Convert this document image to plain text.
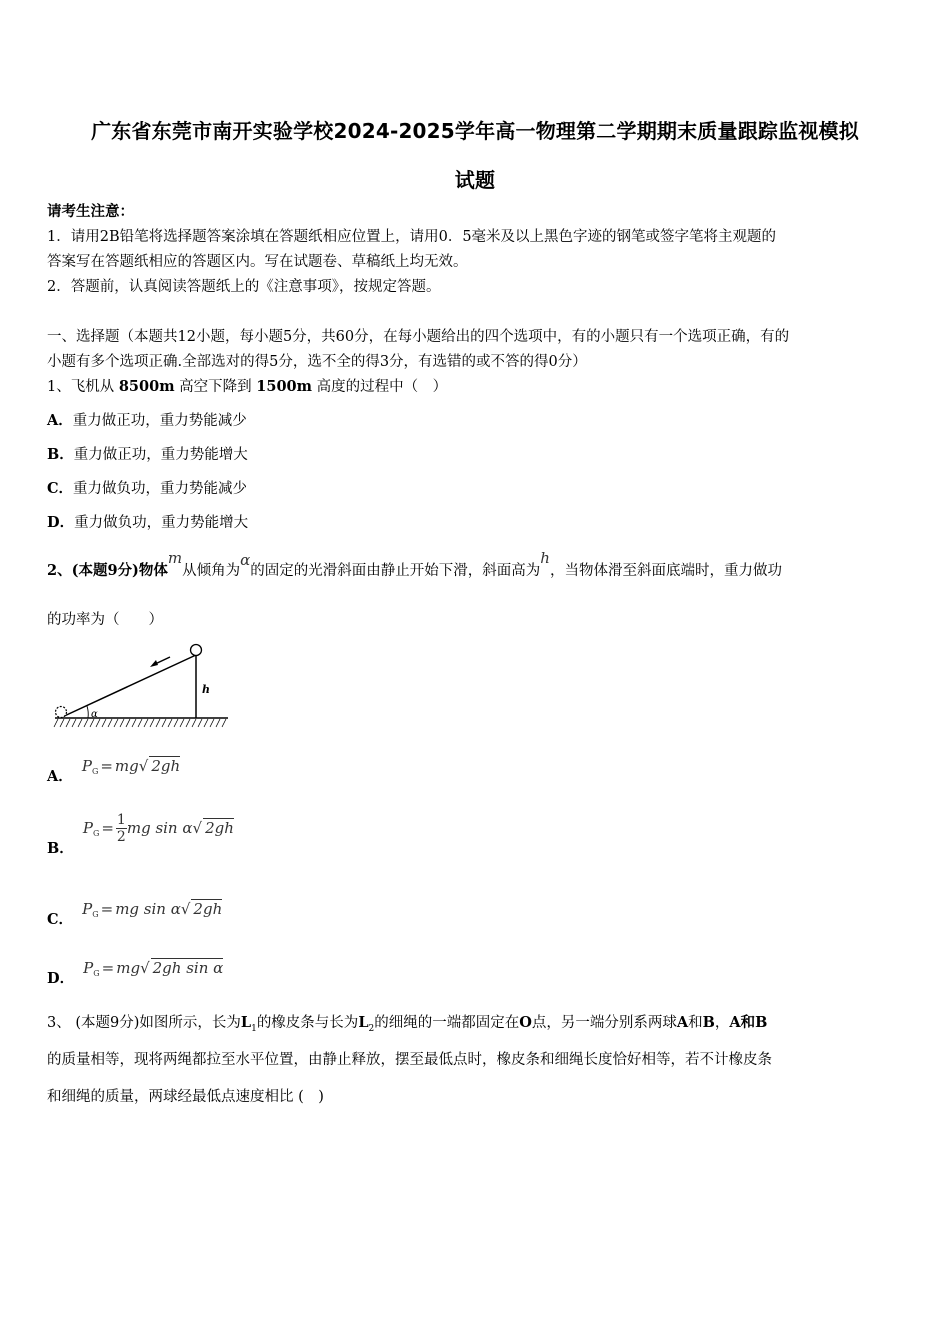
广东省东莞市南开实验学校2024-2025学年高一物理第二学期期末质量跟踪监视模拟
试题
请考生注意：
1．请用2B铅笔将选择题答案涂填在答题纸相应位置上，请用0．5毫米及以上黑色字迹的钢笔或签字笔将主观题的
答案写在答题纸相应的答题区内。写在试题卷、草稿纸上均无效。
2．答题前，认真阅读答题纸上的《注意事项》，按规定答题。
一、选择题（本题共12小题，每小题5分，共60分，在每小题给出的四个选项中，有的小题只有一个选项正确，有的
小题有多个选项正确.全部选对的得5分，选不全的得3分，有选错的或不答的得0分）
1、飞机从 8500m 高空下降到 1500m 高度的过程中（　）
A．重力做正功，重力势能减少
B．重力做正功，重力势能增大
C．重力做负功，重力势能减少
D．重力做负功，重力势能增大
2、(本题9分)物体m从倾角为α的固定的光滑斜面由静止开始下滑，斜面高为h，当物体滑至斜面底端时，重力做功
的功率为（　　）
h
α
A． $P_G = mg√$ 2gh
B． $P_G = \frac{1}{2}$ mg sin α√ 2gh
C． $P_G$ = mg sin α√ 2gh
D． $P_G = mg√$ 2gh sin α
3、 (本题9分)如图所示，长为$L_1$的橡皮条与长为$L_2$的细绳的一端都固定在O点，另一端分别系两球A和B，A和B
的质量相等，现将两绳都拉至水平位置，由静止释放，摆至最低点时，橡皮条和细绳长度恰好相等，若不计橡皮条
和细绳的质量，两球经最低点速度相比 (　)
